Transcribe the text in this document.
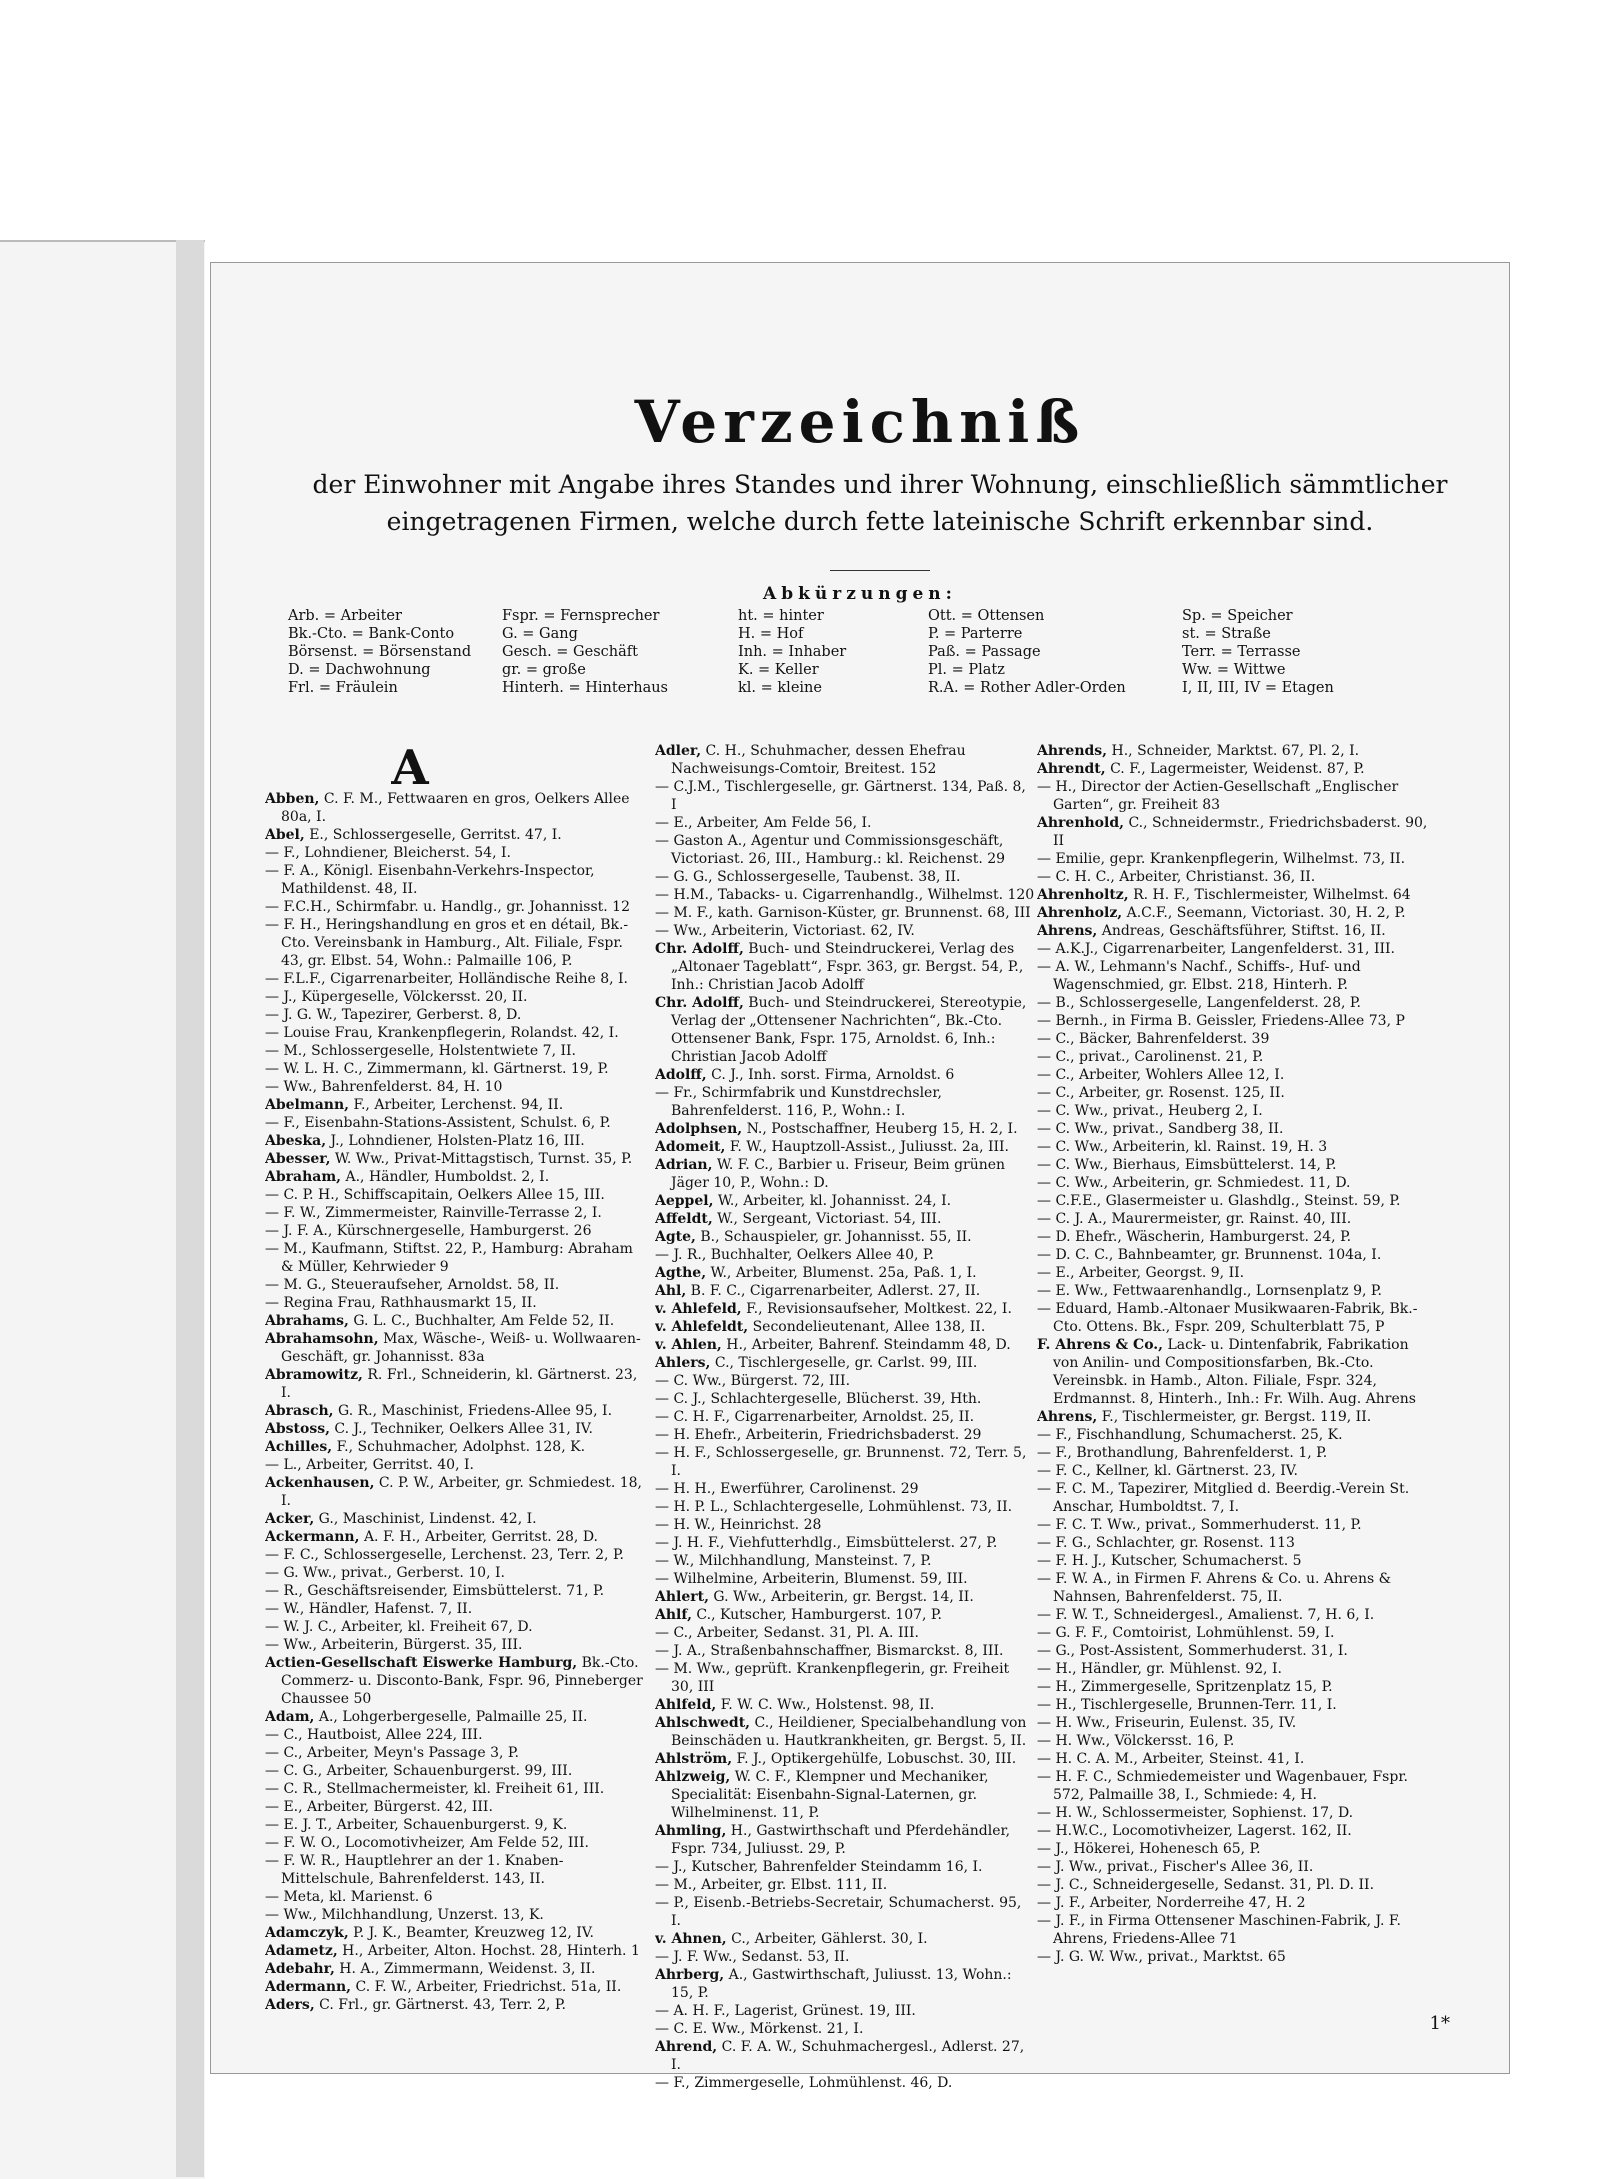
Verzeichniß
der Einwohner mit Angabe ihres Standes und ihrer Wohnung, einschließlich sämmtlicher
eingetragenen Firmen, welche durch fette lateinische Schrift erkennbar sind.
Abkürzungen:
Arb. = Arbeiter
Bk.-Cto. = Bank-Conto
Börsenst. = Börsenstand
D. = Dachwohnung
Frl. = Fräulein
Fspr. = Fernsprecher
G. = Gang
Gesch. = Geschäft
gr. = große
Hinterh. = Hinterhaus
ht. = hinter
H. = Hof
Inh. = Inhaber
K. = Keller
kl. = kleine
Ott. = Ottensen
P. = Parterre
Paß. = Passage
Pl. = Platz
R.A. = Rother Adler-Orden
Sp. = Speicher
st. = Straße
Terr. = Terrasse
Ww. = Wittwe
I, II, III, IV = Etagen
A
Abben, C. F. M., Fettwaaren en gros, Oelkers Allee 80a, I.
Abel, E., Schlossergeselle, Gerritst. 47, I.
— F., Lohndiener, Bleicherst. 54, I.
— F. A., Königl. Eisenbahn-Verkehrs-Inspector, Mathildenst. 48, II.
— F.C.H., Schirmfabr. u. Handlg., gr. Johannisst. 12
— F. H., Heringshandlung en gros et en détail, Bk.-Cto. Vereinsbank in Hamburg., Alt. Filiale, Fspr. 43, gr. Elbst. 54, Wohn.: Palmaille 106, P.
— F.L.F., Cigarrenarbeiter, Holländische Reihe 8, I.
— J., Küpergeselle, Völckersst. 20, II.
— J. G. W., Tapezirer, Gerberst. 8, D.
— Louise Frau, Krankenpflegerin, Rolandst. 42, I.
— M., Schlossergeselle, Holstentwiete 7, II.
— W. L. H. C., Zimmermann, kl. Gärtnerst. 19, P.
— Ww., Bahrenfelderst. 84, H. 10
Abelmann, F., Arbeiter, Lerchenst. 94, II.
— F., Eisenbahn-Stations-Assistent, Schulst. 6, P.
Abeska, J., Lohndiener, Holsten-Platz 16, III.
Abesser, W. Ww., Privat-Mittagstisch, Turnst. 35, P.
Abraham, A., Händler, Humboldst. 2, I.
— C. P. H., Schiffscapitain, Oelkers Allee 15, III.
— F. W., Zimmermeister, Rainville-Terrasse 2, I.
— J. F. A., Kürschnergeselle, Hamburgerst. 26
— M., Kaufmann, Stiftst. 22, P., Hamburg: Abraham & Müller, Kehrwieder 9
— M. G., Steueraufseher, Arnoldst. 58, II.
— Regina Frau, Rathhausmarkt 15, II.
Abrahams, G. L. C., Buchhalter, Am Felde 52, II.
Abrahamsohn, Max, Wäsche-, Weiß- u. Wollwaaren-Geschäft, gr. Johannisst. 83a
Abramowitz, R. Frl., Schneiderin, kl. Gärtnerst. 23, I.
Abrasch, G. R., Maschinist, Friedens-Allee 95, I.
Abstoss, C. J., Techniker, Oelkers Allee 31, IV.
Achilles, F., Schuhmacher, Adolphst. 128, K.
— L., Arbeiter, Gerritst. 40, I.
Ackenhausen, C. P. W., Arbeiter, gr. Schmiedest. 18, I.
Acker, G., Maschinist, Lindenst. 42, I.
Ackermann, A. F. H., Arbeiter, Gerritst. 28, D.
— F. C., Schlossergeselle, Lerchenst. 23, Terr. 2, P.
— G. Ww., privat., Gerberst. 10, I.
— R., Geschäftsreisender, Eimsbüttelerst. 71, P.
— W., Händler, Hafenst. 7, II.
— W. J. C., Arbeiter, kl. Freiheit 67, D.
— Ww., Arbeiterin, Bürgerst. 35, III.
Actien-Gesellschaft Eiswerke Hamburg, Bk.-Cto. Commerz- u. Disconto-Bank, Fspr. 96, Pinneberger Chaussee 50
Adam, A., Lohgerbergeselle, Palmaille 25, II.
— C., Hautboist, Allee 224, III.
— C., Arbeiter, Meyn's Passage 3, P.
— C. G., Arbeiter, Schauenburgerst. 99, III.
— C. R., Stellmachermeister, kl. Freiheit 61, III.
— E., Arbeiter, Bürgerst. 42, III.
— E. J. T., Arbeiter, Schauenburgerst. 9, K.
— F. W. O., Locomotivheizer, Am Felde 52, III.
— F. W. R., Hauptlehrer an der 1. Knaben-Mittelschule, Bahrenfelderst. 143, II.
— Meta, kl. Marienst. 6
— Ww., Milchhandlung, Unzerst. 13, K.
Adamczyk, P. J. K., Beamter, Kreuzweg 12, IV.
Adametz, H., Arbeiter, Alton. Hochst. 28, Hinterh. 1
Adebahr, H. A., Zimmermann, Weidenst. 3, II.
Adermann, C. F. W., Arbeiter, Friedrichst. 51a, II.
Aders, C. Frl., gr. Gärtnerst. 43, Terr. 2, P.
Adler, C. H., Schuhmacher, dessen Ehefrau Nachweisungs-Comtoir, Breitest. 152
— C.J.M., Tischlergeselle, gr. Gärtnerst. 134, Paß. 8, I
— E., Arbeiter, Am Felde 56, I.
— Gaston A., Agentur und Commissionsgeschäft, Victoriast. 26, III., Hamburg.: kl. Reichenst. 29
— G. G., Schlossergeselle, Taubenst. 38, II.
— H.M., Tabacks- u. Cigarrenhandlg., Wilhelmst. 120
— M. F., kath. Garnison-Küster, gr. Brunnenst. 68, III
— Ww., Arbeiterin, Victoriast. 62, IV.
Chr. Adolff, Buch- und Steindruckerei, Verlag des „Altonaer Tageblatt“, Fspr. 363, gr. Bergst. 54, P., Inh.: Christian Jacob Adolff
Chr. Adolff, Buch- und Steindruckerei, Stereotypie, Verlag der „Ottensener Nachrichten“, Bk.-Cto. Ottensener Bank, Fspr. 175, Arnoldst. 6, Inh.: Christian Jacob Adolff
Adolff, C. J., Inh. sorst. Firma, Arnoldst. 6
— Fr., Schirmfabrik und Kunstdrechsler, Bahrenfelderst. 116, P., Wohn.: I.
Adolphsen, N., Postschaffner, Heuberg 15, H. 2, I.
Adomeit, F. W., Hauptzoll-Assist., Juliusst. 2a, III.
Adrian, W. F. C., Barbier u. Friseur, Beim grünen Jäger 10, P., Wohn.: D.
Aeppel, W., Arbeiter, kl. Johannisst. 24, I.
Affeldt, W., Sergeant, Victoriast. 54, III.
Agte, B., Schauspieler, gr. Johannisst. 55, II.
— J. R., Buchhalter, Oelkers Allee 40, P.
Agthe, W., Arbeiter, Blumenst. 25a, Paß. 1, I.
Ahl, B. F. C., Cigarrenarbeiter, Adlerst. 27, II.
v. Ahlefeld, F., Revisionsaufseher, Moltkest. 22, I.
v. Ahlefeldt, Secondelieutenant, Allee 138, II.
v. Ahlen, H., Arbeiter, Bahrenf. Steindamm 48, D.
Ahlers, C., Tischlergeselle, gr. Carlst. 99, III.
— C. Ww., Bürgerst. 72, III.
— C. J., Schlachtergeselle, Blücherst. 39, Hth.
— C. H. F., Cigarrenarbeiter, Arnoldst. 25, II.
— H. Ehefr., Arbeiterin, Friedrichsbaderst. 29
— H. F., Schlossergeselle, gr. Brunnenst. 72, Terr. 5, I.
— H. H., Ewerführer, Carolinenst. 29
— H. P. L., Schlachtergeselle, Lohmühlenst. 73, II.
— H. W., Heinrichst. 28
— J. H. F., Viehfutterhdlg., Eimsbüttelerst. 27, P.
— W., Milchhandlung, Mansteinst. 7, P.
— Wilhelmine, Arbeiterin, Blumenst. 59, III.
Ahlert, G. Ww., Arbeiterin, gr. Bergst. 14, II.
Ahlf, C., Kutscher, Hamburgerst. 107, P.
— C., Arbeiter, Sedanst. 31, Pl. A. III.
— J. A., Straßenbahnschaffner, Bismarckst. 8, III.
— M. Ww., geprüft. Krankenpflegerin, gr. Freiheit 30, III
Ahlfeld, F. W. C. Ww., Holstenst. 98, II.
Ahlschwedt, C., Heildiener, Specialbehandlung von Beinschäden u. Hautkrankheiten, gr. Bergst. 5, II.
Ahlström, F. J., Optikergehülfe, Lobuschst. 30, III.
Ahlzweig, W. C. F., Klempner und Mechaniker, Specialität: Eisenbahn-Signal-Laternen, gr. Wilhelminenst. 11, P.
Ahmling, H., Gastwirthschaft und Pferdehändler, Fspr. 734, Juliusst. 29, P.
— J., Kutscher, Bahrenfelder Steindamm 16, I.
— M., Arbeiter, gr. Elbst. 111, II.
— P., Eisenb.-Betriebs-Secretair, Schumacherst. 95, I.
v. Ahnen, C., Arbeiter, Gählerst. 30, I.
— J. F. Ww., Sedanst. 53, II.
Ahrberg, A., Gastwirthschaft, Juliusst. 13, Wohn.: 15, P.
— A. H. F., Lagerist, Grünest. 19, III.
— C. E. Ww., Mörkenst. 21, I.
Ahrend, C. F. A. W., Schuhmachergesl., Adlerst. 27, I.
— F., Zimmergeselle, Lohmühlenst. 46, D.
Ahrends, H., Schneider, Marktst. 67, Pl. 2, I.
Ahrendt, C. F., Lagermeister, Weidenst. 87, P.
— H., Director der Actien-Gesellschaft „Englischer Garten“, gr. Freiheit 83
Ahrenhold, C., Schneidermstr., Friedrichsbaderst. 90, II
— Emilie, gepr. Krankenpflegerin, Wilhelmst. 73, II.
— C. H. C., Arbeiter, Christianst. 36, II.
Ahrenholtz, R. H. F., Tischlermeister, Wilhelmst. 64
Ahrenholz, A.C.F., Seemann, Victoriast. 30, H. 2, P.
Ahrens, Andreas, Geschäftsführer, Stiftst. 16, II.
— A.K.J., Cigarrenarbeiter, Langenfelderst. 31, III.
— A. W., Lehmann's Nachf., Schiffs-, Huf- und Wagenschmied, gr. Elbst. 218, Hinterh. P.
— B., Schlossergeselle, Langenfelderst. 28, P.
— Bernh., in Firma B. Geissler, Friedens-Allee 73, P
— C., Bäcker, Bahrenfelderst. 39
— C., privat., Carolinenst. 21, P.
— C., Arbeiter, Wohlers Allee 12, I.
— C., Arbeiter, gr. Rosenst. 125, II.
— C. Ww., privat., Heuberg 2, I.
— C. Ww., privat., Sandberg 38, II.
— C. Ww., Arbeiterin, kl. Rainst. 19, H. 3
— C. Ww., Bierhaus, Eimsbüttelerst. 14, P.
— C. Ww., Arbeiterin, gr. Schmiedest. 11, D.
— C.F.E., Glasermeister u. Glashdlg., Steinst. 59, P.
— C. J. A., Maurermeister, gr. Rainst. 40, III.
— D. Ehefr., Wäscherin, Hamburgerst. 24, P.
— D. C. C., Bahnbeamter, gr. Brunnenst. 104a, I.
— E., Arbeiter, Georgst. 9, II.
— E. Ww., Fettwaarenhandlg., Lornsenplatz 9, P.
— Eduard, Hamb.-Altonaer Musikwaaren-Fabrik, Bk.-Cto. Ottens. Bk., Fspr. 209, Schulterblatt 75, P
F. Ahrens & Co., Lack- u. Dintenfabrik, Fabrikation von Anilin- und Compositionsfarben, Bk.-Cto. Vereinsbk. in Hamb., Alton. Filiale, Fspr. 324, Erdmannst. 8, Hinterh., Inh.: Fr. Wilh. Aug. Ahrens
Ahrens, F., Tischlermeister, gr. Bergst. 119, II.
— F., Fischhandlung, Schumacherst. 25, K.
— F., Brothandlung, Bahrenfelderst. 1, P.
— F. C., Kellner, kl. Gärtnerst. 23, IV.
— F. C. M., Tapezirer, Mitglied d. Beerdig.-Verein St. Anschar, Humboldtst. 7, I.
— F. C. T. Ww., privat., Sommerhuderst. 11, P.
— F. G., Schlachter, gr. Rosenst. 113
— F. H. J., Kutscher, Schumacherst. 5
— F. W. A., in Firmen F. Ahrens & Co. u. Ahrens & Nahnsen, Bahrenfelderst. 75, II.
— F. W. T., Schneidergesl., Amalienst. 7, H. 6, I.
— G. F. F., Comtoirist, Lohmühlenst. 59, I.
— G., Post-Assistent, Sommerhuderst. 31, I.
— H., Händler, gr. Mühlenst. 92, I.
— H., Zimmergeselle, Spritzenplatz 15, P.
— H., Tischlergeselle, Brunnen-Terr. 11, I.
— H. Ww., Friseurin, Eulenst. 35, IV.
— H. Ww., Völckersst. 16, P.
— H. C. A. M., Arbeiter, Steinst. 41, I.
— H. F. C., Schmiedemeister und Wagenbauer, Fspr. 572, Palmaille 38, I., Schmiede: 4, H.
— H. W., Schlossermeister, Sophienst. 17, D.
— H.W.C., Locomotivheizer, Lagerst. 162, II.
— J., Hökerei, Hohenesch 65, P.
— J. Ww., privat., Fischer's Allee 36, II.
— J. C., Schneidergeselle, Sedanst. 31, Pl. D. II.
— J. F., Arbeiter, Norderreihe 47, H. 2
— J. F., in Firma Ottensener Maschinen-Fabrik, J. F. Ahrens, Friedens-Allee 71
— J. G. W. Ww., privat., Marktst. 65
1*
